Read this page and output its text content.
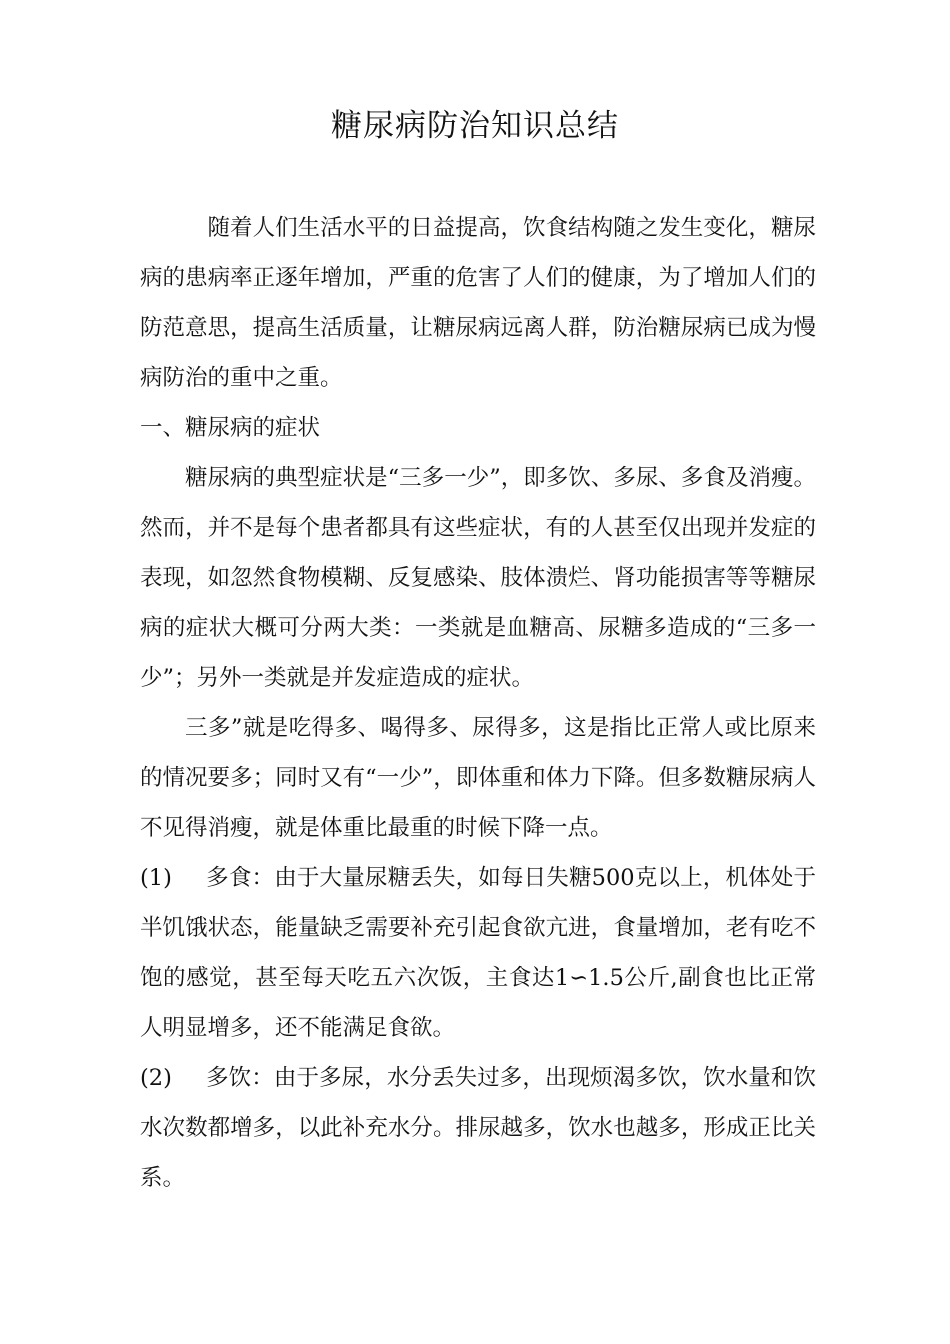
糖尿病防治知识总结

随着人们生活水平的日益提高，饮食结构随之发生变化，糖尿病的患病率正逐年增加，严重的危害了人们的健康，为了增加人们的防范意思，提高生活质量，让糖尿病远离人群，防治糖尿病已成为慢病防治的重中之重。

一、糖尿病的症状

糖尿病的典型症状是“三多一少”，即多饮、多尿、多食及消瘦。然而，并不是每个患者都具有这些症状，有的人甚至仅出现并发症的表现，如忽然食物模糊、反复感染、肢体溃烂、肾功能损害等等糖尿病的症状大概可分两大类：一类就是血糖高、尿糖多造成的“三多一少”；另外一类就是并发症造成的症状。

三多”就是吃得多、喝得多、尿得多，这是指比正常人或比原来的情况要多；同时又有“一少”，即体重和体力下降。但多数糖尿病人不见得消瘦，就是体重比最重的时候下降一点。

(1) 多食：由于大量尿糖丢失，如每日失糖500克以上，机体处于半饥饿状态，能量缺乏需要补充引起食欲亢进，食量增加，老有吃不饱的感觉，甚至每天吃五六次饭，主食达1∽1.5公斤,副食也比正常人明显增多，还不能满足食欲。

(2) 多饮：由于多尿，水分丢失过多，出现烦渴多饮，饮水量和饮水次数都增多，以此补充水分。排尿越多，饮水也越多，形成正比关系。
